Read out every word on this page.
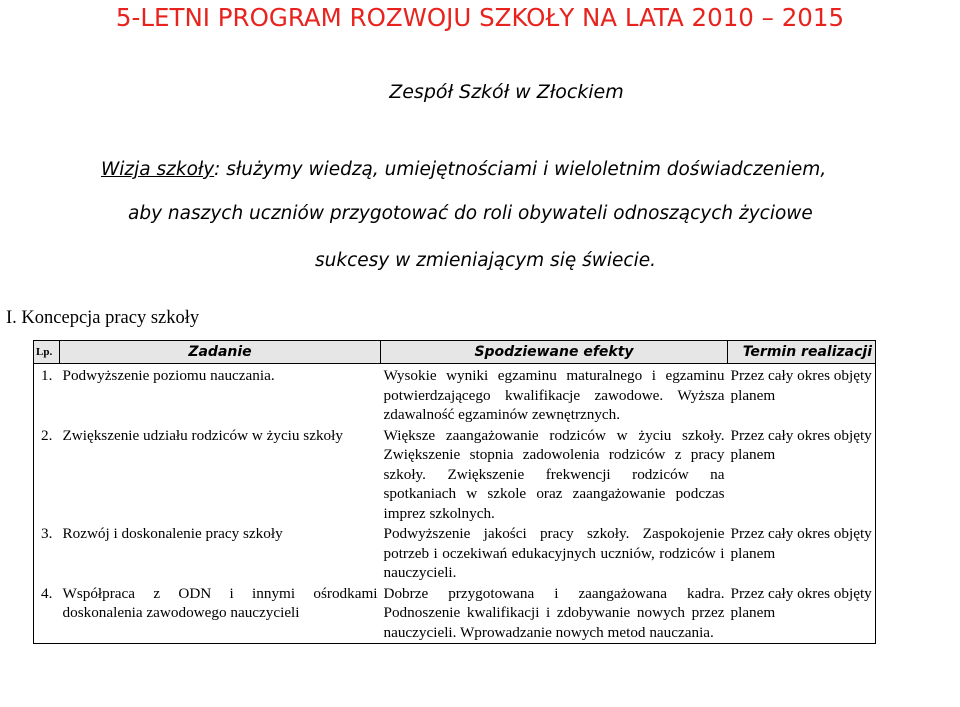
5-LETNI PROGRAM ROZWOJU SZKOŁY NA LATA 2010 – 2015
Zespół Szkół w Złockiem
Wizja szkoły: służymy wiedzą, umiejętnościami i wieloletnim doświadczeniem,
aby naszych uczniów przygotować do roli obywateli odnoszących życiowe
sukcesy w zmieniającym się świecie.
I. Koncepcja pracy szkoły
Lp.	Zadanie	Spodziewane efekty	Termin realizacji
1.	Podwyższenie poziomu nauczania.	Wysokie wyniki egzaminu maturalnego i egzaminu potwierdzającego kwalifikacje zawodowe. Wyższa zdawalność egzaminów zewnętrznych.	Przez cały okres objęty planem
2.	Zwiększenie udziału rodziców w życiu szkoły	Większe zaangażowanie rodziców w życiu szkoły. Zwiększenie stopnia zadowolenia rodziców z pracy szkoły. Zwiększenie frekwencji rodziców na spotkaniach w szkole oraz zaangażowanie podczas imprez szkolnych.	Przez cały okres objęty planem
3.	Rozwój i doskonalenie pracy szkoły	Podwyższenie jakości pracy szkoły. Zaspokojenie potrzeb i oczekiwań edukacyjnych uczniów, rodziców i nauczycieli.	Przez cały okres objęty planem
4.	Współpraca z ODN i innymi ośrodkami doskonalenia zawodowego nauczycieli	Dobrze przygotowana i zaangażowana kadra. Podnoszenie kwalifikacji i zdobywanie nowych przez nauczycieli. Wprowadzanie nowych metod nauczania.	Przez cały okres objęty planem
